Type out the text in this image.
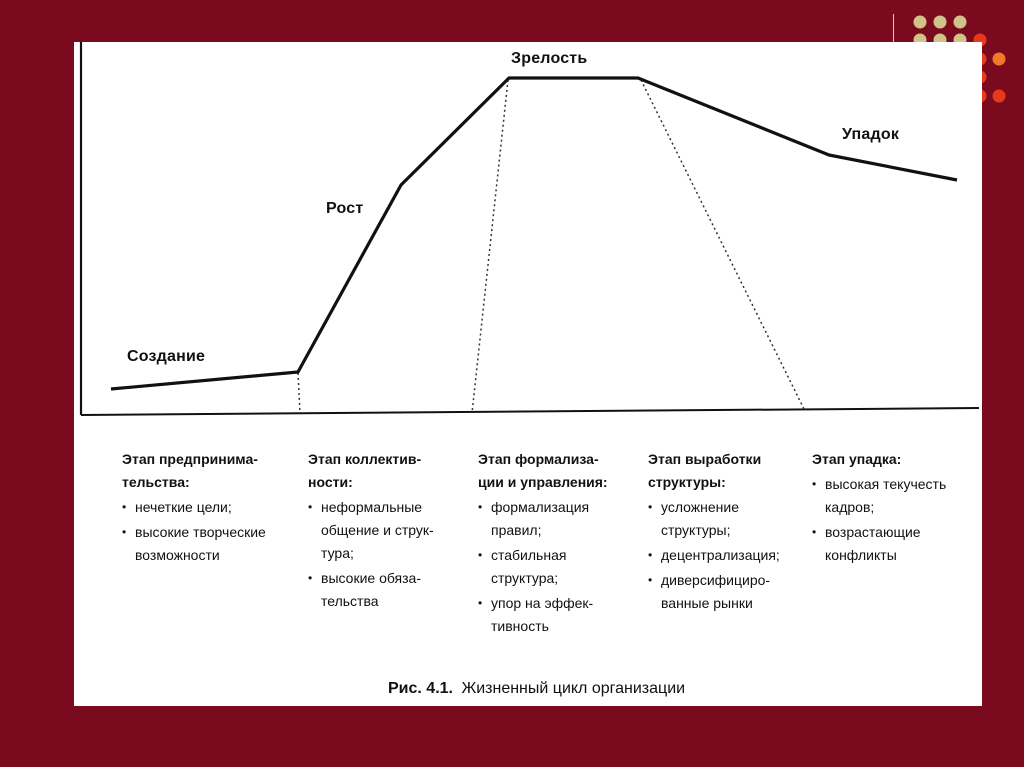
Создание
Рост
Зрелость
Упадок
Этап предпринима-
тельства:
• нечеткие цели;
• высокие творческие
возможности
Этап коллектив-
ности:
• неформальные
общение и струк-
тура;
• высокие обяза-
тельства
Этап формализа-
ции и управления:
• формализация
правил;
• стабильная
структура;
• упор на эффек-
тивность
Этап выработки
структуры:
• усложнение
структуры;
• децентрализация;
• диверсифициро-
ванные рынки
Этап упадка:
• высокая текучесть
кадров;
• возрастающие
конфликты
Рис. 4.1. Жизненный цикл организации
